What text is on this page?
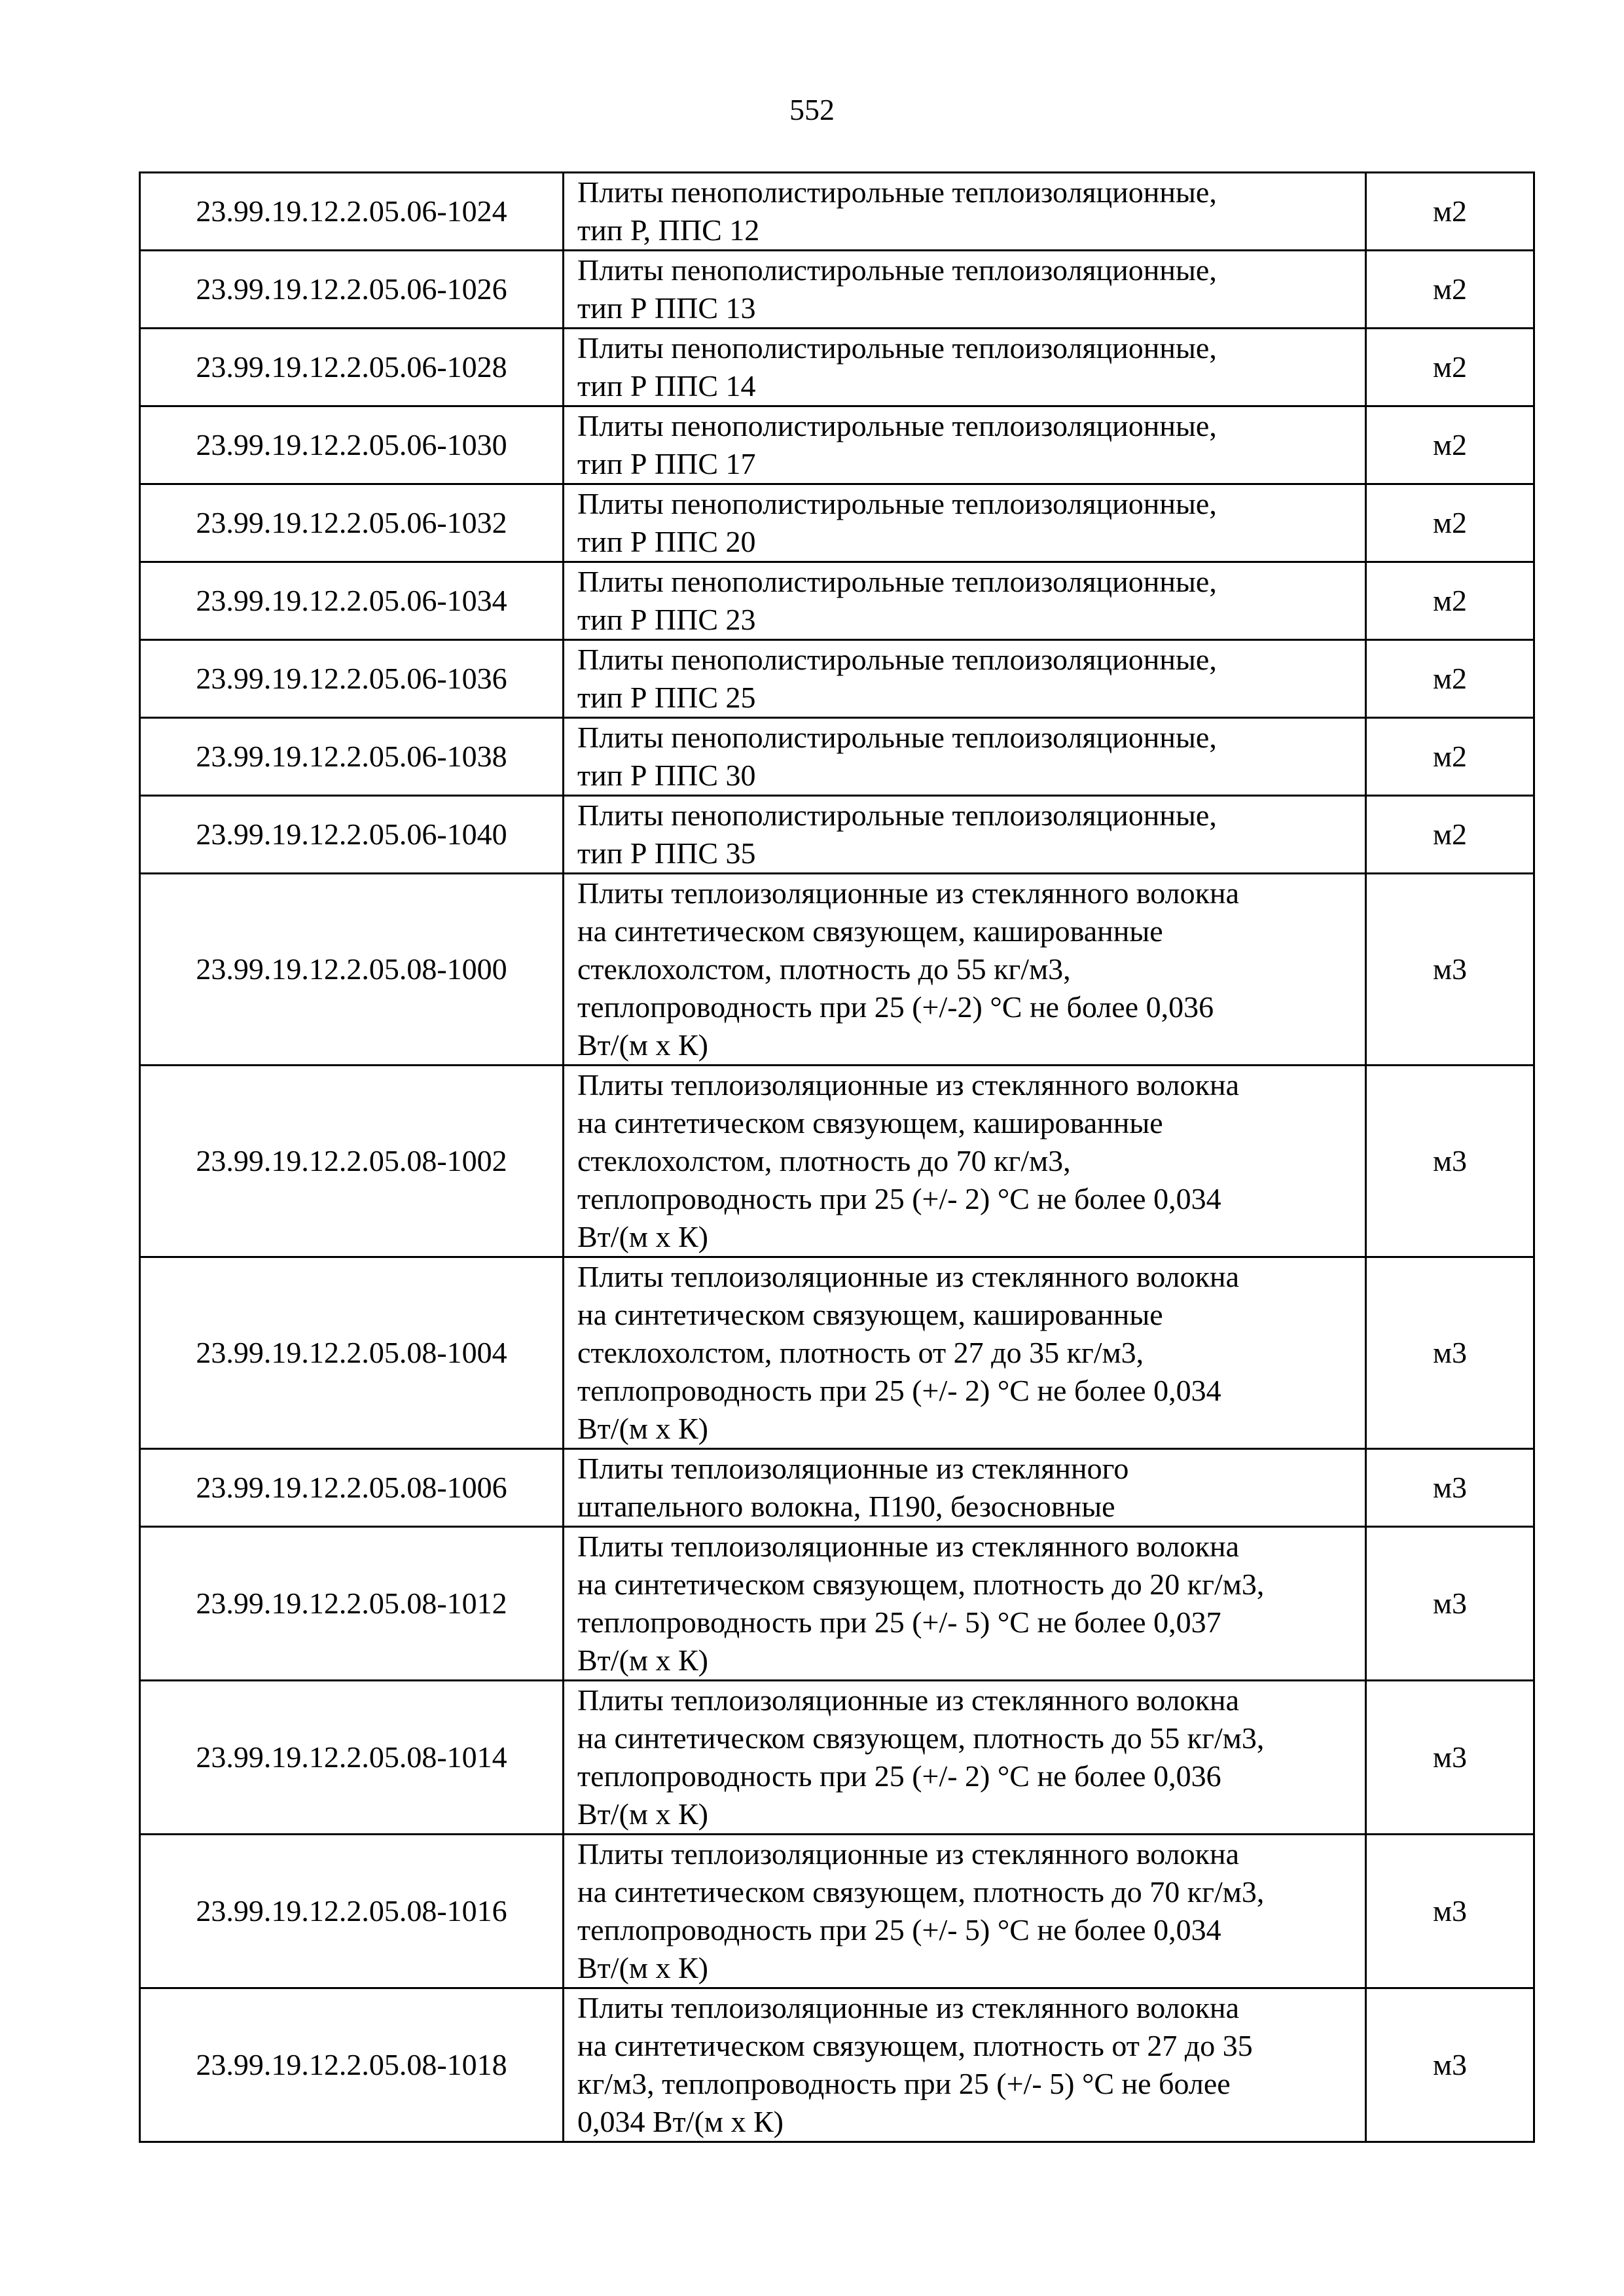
552
23.99.19.12.2.05.06-1024	Плиты пенополистирольные теплоизоляционные,
тип Р, ППС 12	м2
23.99.19.12.2.05.06-1026	Плиты пенополистирольные теплоизоляционные,
тип Р ППС 13	м2
23.99.19.12.2.05.06-1028	Плиты пенополистирольные теплоизоляционные,
тип Р ППС 14	м2
23.99.19.12.2.05.06-1030	Плиты пенополистирольные теплоизоляционные,
тип Р ППС 17	м2
23.99.19.12.2.05.06-1032	Плиты пенополистирольные теплоизоляционные,
тип Р ППС 20	м2
23.99.19.12.2.05.06-1034	Плиты пенополистирольные теплоизоляционные,
тип Р ППС 23	м2
23.99.19.12.2.05.06-1036	Плиты пенополистирольные теплоизоляционные,
тип Р ППС 25	м2
23.99.19.12.2.05.06-1038	Плиты пенополистирольные теплоизоляционные,
тип Р ППС 30	м2
23.99.19.12.2.05.06-1040	Плиты пенополистирольные теплоизоляционные,
тип Р ППС 35	м2
23.99.19.12.2.05.08-1000	Плиты теплоизоляционные из стеклянного волокна
на синтетическом связующем, кашированные
стеклохолстом, плотность до 55 кг/м3,
теплопроводность при 25 (+/-2) °С не более 0,036
Вт/(м х К)	м3
23.99.19.12.2.05.08-1002	Плиты теплоизоляционные из стеклянного волокна
на синтетическом связующем, кашированные
стеклохолстом, плотность до 70 кг/м3,
теплопроводность при 25 (+/- 2) °С не более 0,034
Вт/(м х К)	м3
23.99.19.12.2.05.08-1004	Плиты теплоизоляционные из стеклянного волокна
на синтетическом связующем, кашированные
стеклохолстом, плотность от 27 до 35 кг/м3,
теплопроводность при 25 (+/- 2) °С не более 0,034
Вт/(м х К)	м3
23.99.19.12.2.05.08-1006	Плиты теплоизоляционные из стеклянного
штапельного волокна, П190, безосновные	м3
23.99.19.12.2.05.08-1012	Плиты теплоизоляционные из стеклянного волокна
на синтетическом связующем, плотность до 20 кг/м3,
теплопроводность при 25 (+/- 5) °С не более 0,037
Вт/(м х К)	м3
23.99.19.12.2.05.08-1014	Плиты теплоизоляционные из стеклянного волокна
на синтетическом связующем, плотность до 55 кг/м3,
теплопроводность при 25 (+/- 2) °С не более 0,036
Вт/(м х К)	м3
23.99.19.12.2.05.08-1016	Плиты теплоизоляционные из стеклянного волокна
на синтетическом связующем, плотность до 70 кг/м3,
теплопроводность при 25 (+/- 5) °С не более 0,034
Вт/(м х К)	м3
23.99.19.12.2.05.08-1018	Плиты теплоизоляционные из стеклянного волокна
на синтетическом связующем, плотность от 27 до 35
кг/м3, теплопроводность при 25 (+/- 5) °С не более
0,034 Вт/(м х К)	м3
